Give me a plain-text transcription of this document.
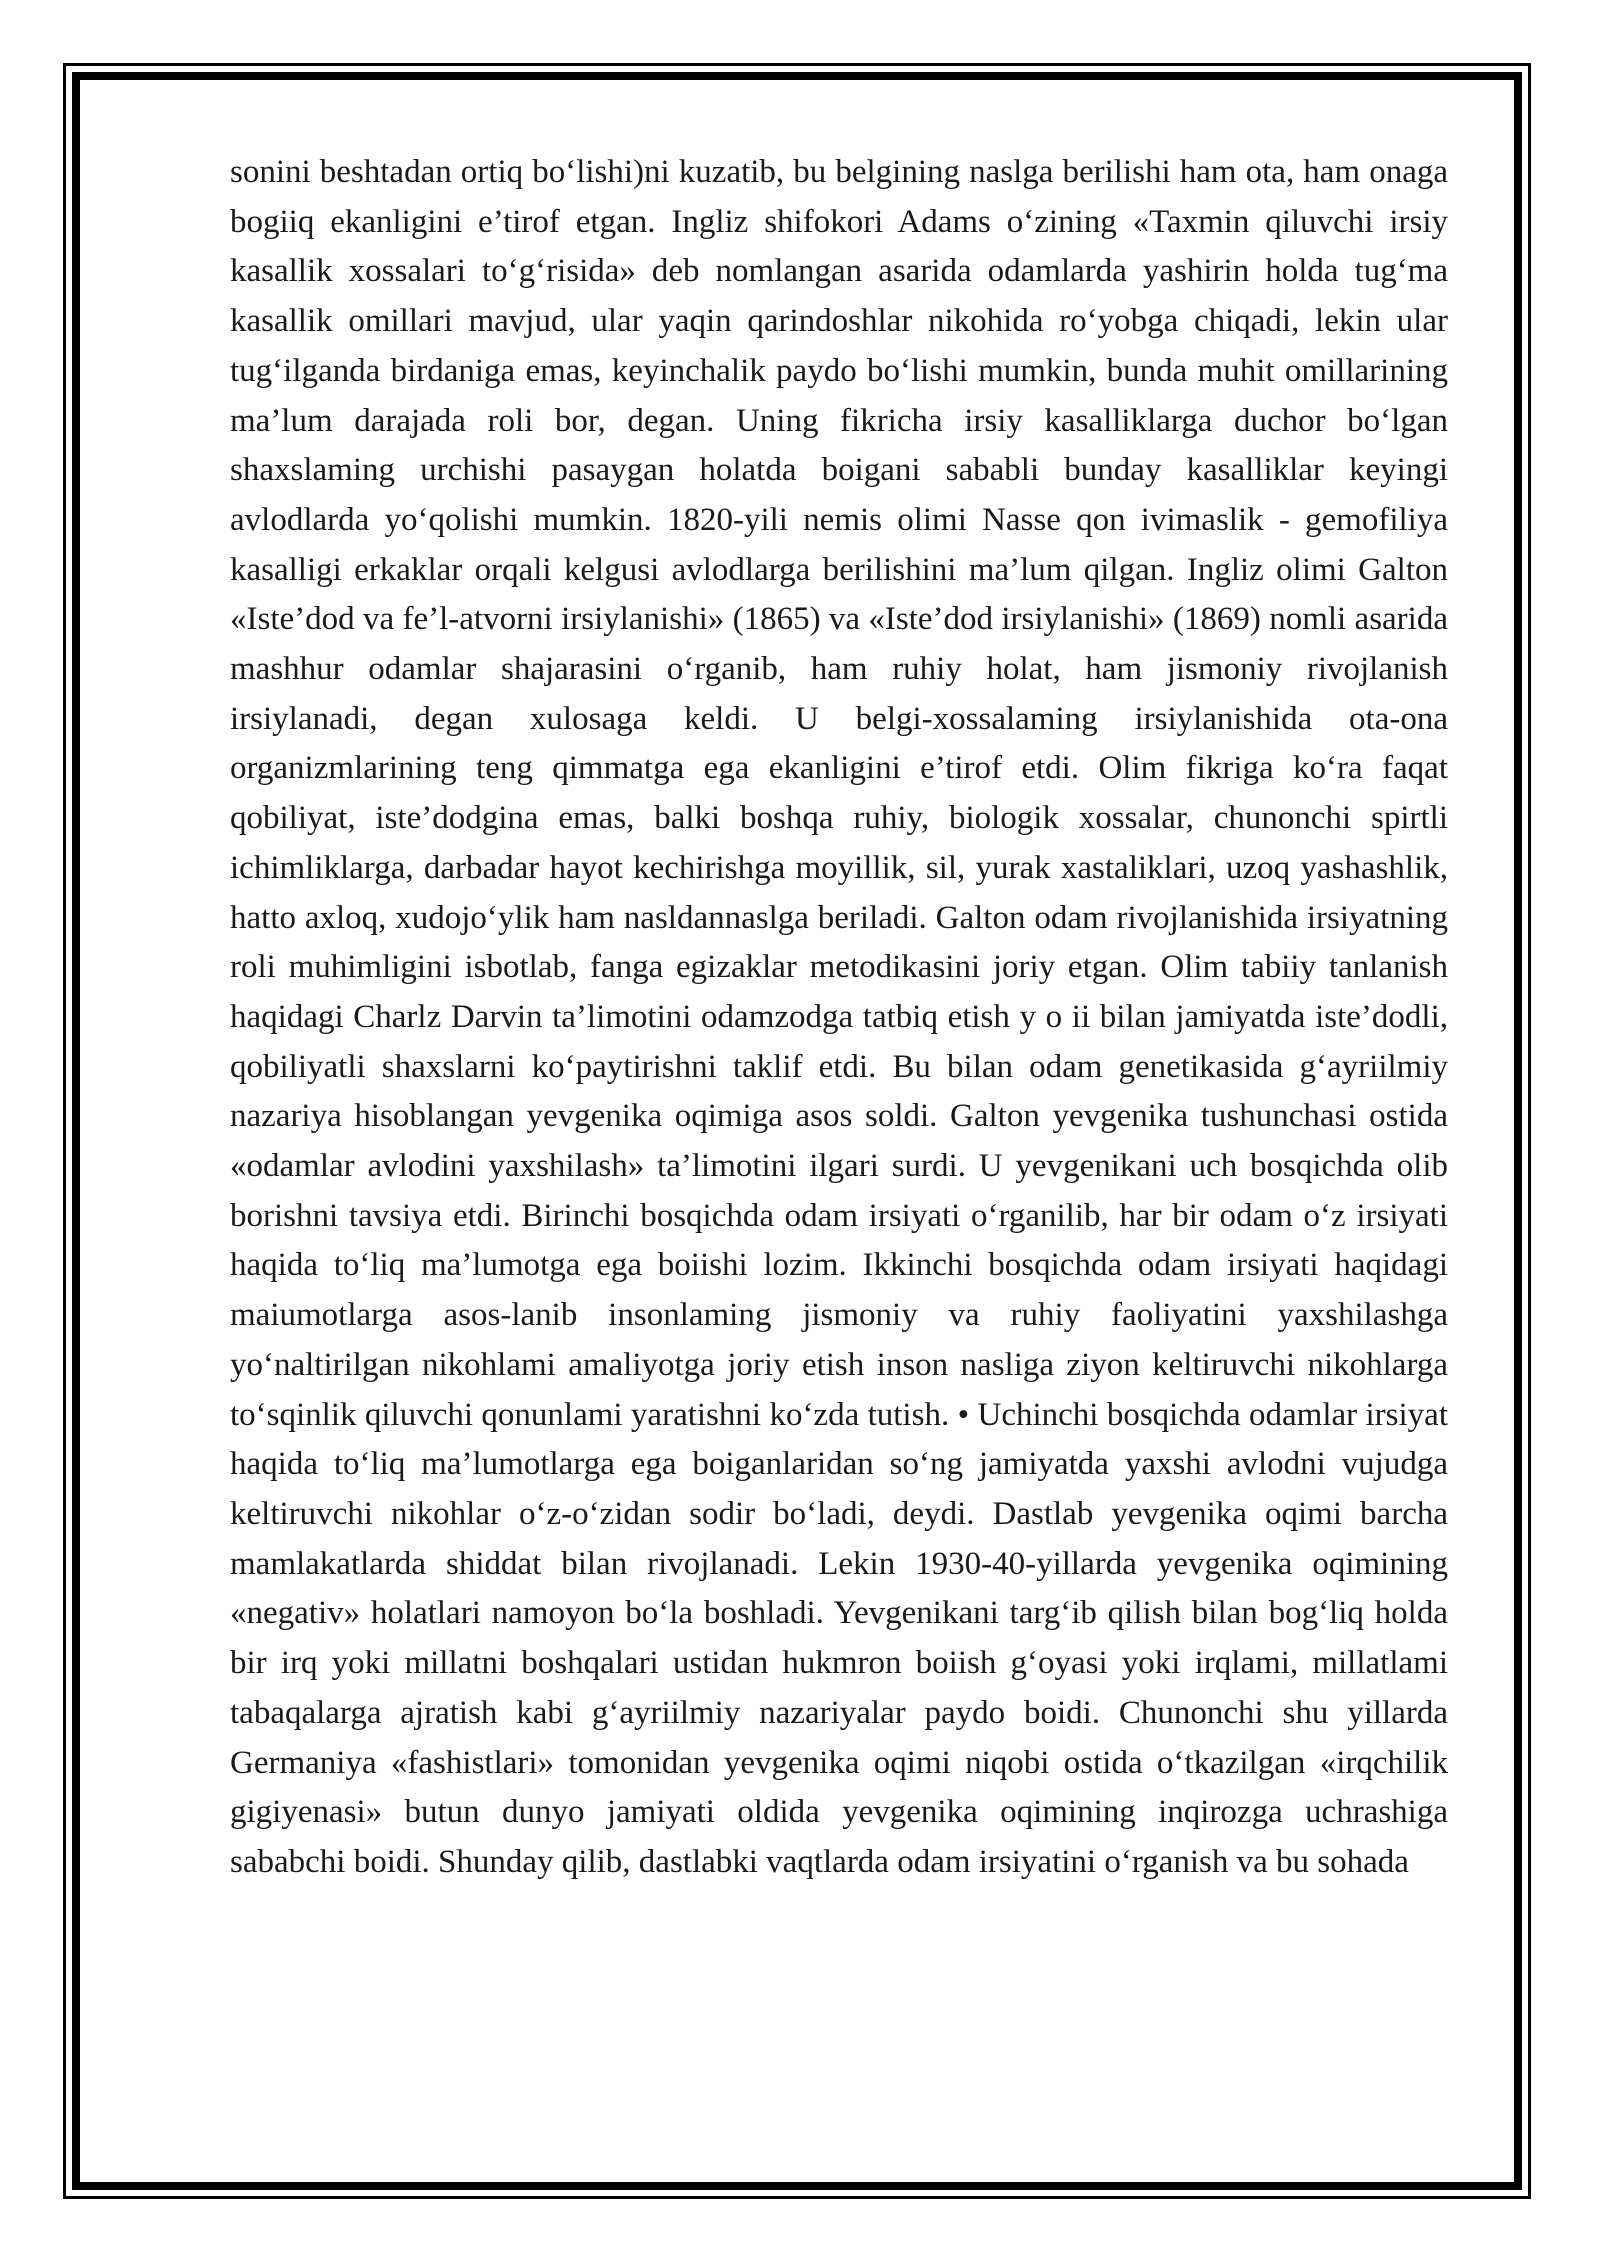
sonini beshtadan ortiq bo‘lishi)ni kuzatib, bu belgining naslga berilishi ham ota, ham onaga bogiiq ekanligini e’tirof etgan. Ingliz shifokori Adams o‘zining «Taxmin qiluvchi irsiy kasallik xossalari to‘g‘risida» deb nomlangan asarida odamlarda yashirin holda tug‘ma kasallik omillari mavjud, ular yaqin qarindoshlar nikohida ro‘yobga chiqadi, lekin ular tug‘ilganda birdaniga emas, keyinchalik paydo bo‘lishi mumkin, bunda muhit omillarining ma’lum darajada roli bor, degan. Uning fikricha irsiy kasalliklarga duchor bo‘lgan shaxslaming urchishi pasaygan holatda boigani sababli bunday kasalliklar keyingi avlodlarda yo‘qolishi mumkin. 1820-yili nemis olimi Nasse qon ivimaslik - gemofiliya kasalligi erkaklar orqali kelgusi avlodlarga berilishini ma’lum qilgan. Ingliz olimi Galton «Iste’dod va fe’l-atvorni irsiylanishi» (1865) va «Iste’dod irsiylanishi» (1869) nomli asarida mashhur odamlar shajarasini o‘rganib, ham ruhiy holat, ham jismoniy rivojlanish irsiylanadi, degan xulosaga keldi. U belgi-xossalaming irsiylanishida ota-ona organizmlarining teng qimmatga ega ekanligini e’tirof etdi. Olim fikriga ko‘ra faqat qobiliyat, iste’dodgina emas, balki boshqa ruhiy, biologik xossalar, chunonchi spirtli ichimliklarga, darbadar hayot kechirishga moyillik, sil, yurak xastaliklari, uzoq yashashlik, hatto axloq, xudojo‘ylik ham nasldannaslga beriladi. Galton odam rivojlanishida irsiyatning roli muhimligini isbotlab, fanga egizaklar metodikasini joriy etgan. Olim tabiiy tanlanish haqidagi Charlz Darvin ta’limotini odamzodga tatbiq etish y o ii bilan jamiyatda iste’dodli, qobiliyatli shaxslarni ko‘paytirishni taklif etdi. Bu bilan odam genetikasida g‘ayriilmiy nazariya hisoblangan yevgenika oqimiga asos soldi. Galton yevgenika tushunchasi ostida «odamlar avlodini yaxshilash» ta’limotini ilgari surdi. U yevgenikani uch bosqichda olib borishni tavsiya etdi. Birinchi bosqichda odam irsiyati o‘rganilib, har bir odam o‘z irsiyati haqida to‘liq ma’lumotga ega boiishi lozim. Ikkinchi bosqichda odam irsiyati haqidagi maiumotlarga asos-lanib insonlaming jismoniy va ruhiy faoliyatini yaxshilashga yo‘naltirilgan nikohlami amaliyotga joriy etish inson nasliga ziyon keltiruvchi nikohlarga to‘sqinlik qiluvchi qonunlami yaratishni ko‘zda tutish. • Uchinchi bosqichda odamlar irsiyat haqida to‘liq ma’lumotlarga ega boiganlaridan so‘ng jamiyatda yaxshi avlodni vujudga keltiruvchi nikohlar o‘z-o‘zidan sodir bo‘ladi, deydi. Dastlab yevgenika oqimi barcha mamlakatlarda shiddat bilan rivojlanadi. Lekin 1930-40-yillarda yevgenika oqimining «negativ» holatlari namoyon bo‘la boshladi. Yevgenikani targ‘ib qilish bilan bog‘liq holda bir irq yoki millatni boshqalari ustidan hukmron boiish g‘oyasi yoki irqlami, millatlami tabaqalarga ajratish kabi g‘ayriilmiy nazariyalar paydo boidi. Chunonchi shu yillarda Germaniya «fashistlari» tomonidan yevgenika oqimi niqobi ostida o‘tkazilgan «irqchilik gigiyenasi» butun dunyo jamiyati oldida yevgenika oqimining inqirozga uchrashiga sababchi boidi. Shunday qilib, dastlabki vaqtlarda odam irsiyatini o‘rganish va bu sohada
